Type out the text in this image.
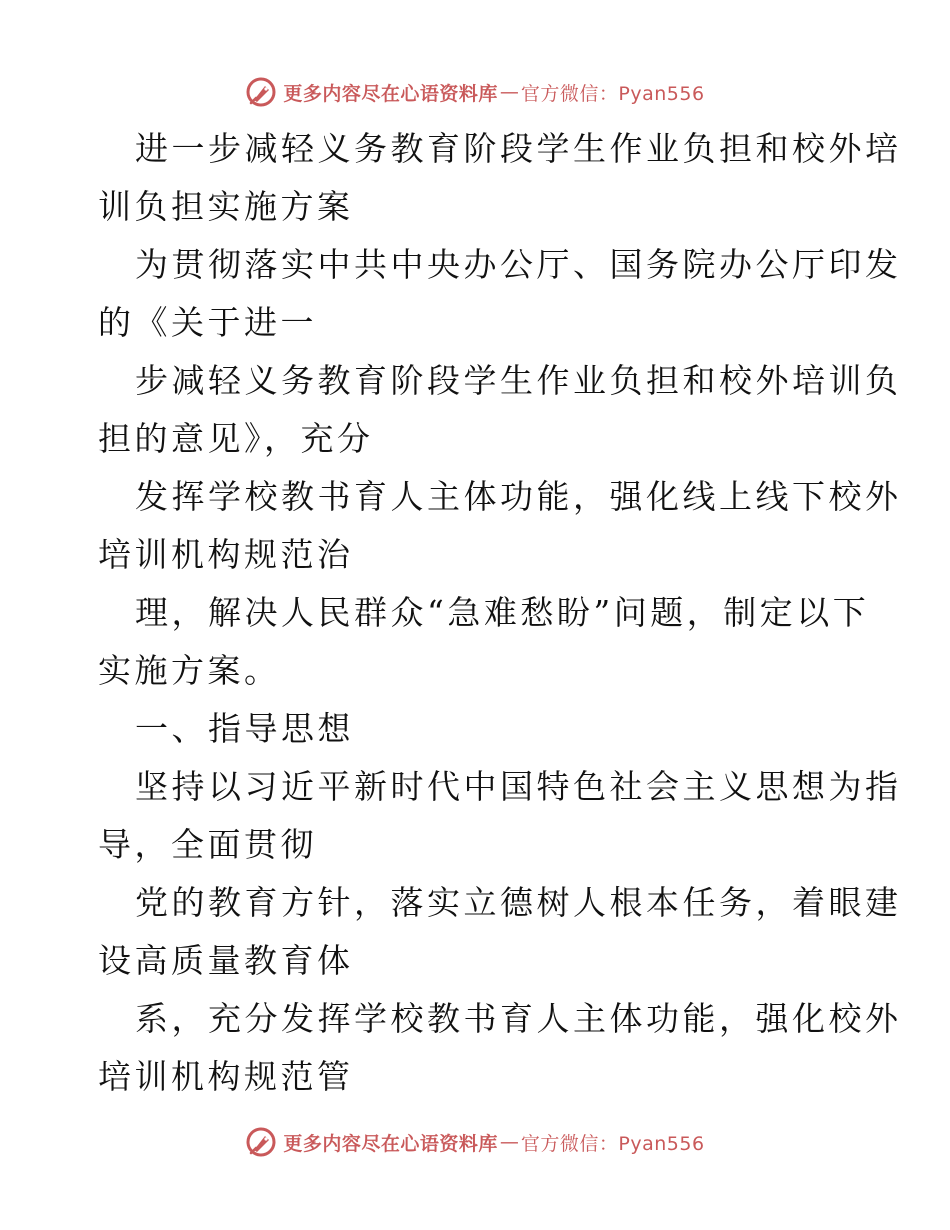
更多内容尽在心语资料库 — 官方微信：Pyan556
进一步减轻义务教育阶段学生作业负担和校外培
训负担实施方案
为贯彻落实中共中央办公厅、国务院办公厅印发
的《关于进一
步减轻义务教育阶段学生作业负担和校外培训负
担的意见》，充分
发挥学校教书育人主体功能，强化线上线下校外
培训机构规范治
理，解决人民群众“急难愁盼”问题，制定以下
实施方案。
一、指导思想
坚持以习近平新时代中国特色社会主义思想为指
导，全面贯彻
党的教育方针，落实立德树人根本任务，着眼建
设高质量教育体
系，充分发挥学校教书育人主体功能，强化校外
培训机构规范管
更多内容尽在心语资料库 — 官方微信：Pyan556
